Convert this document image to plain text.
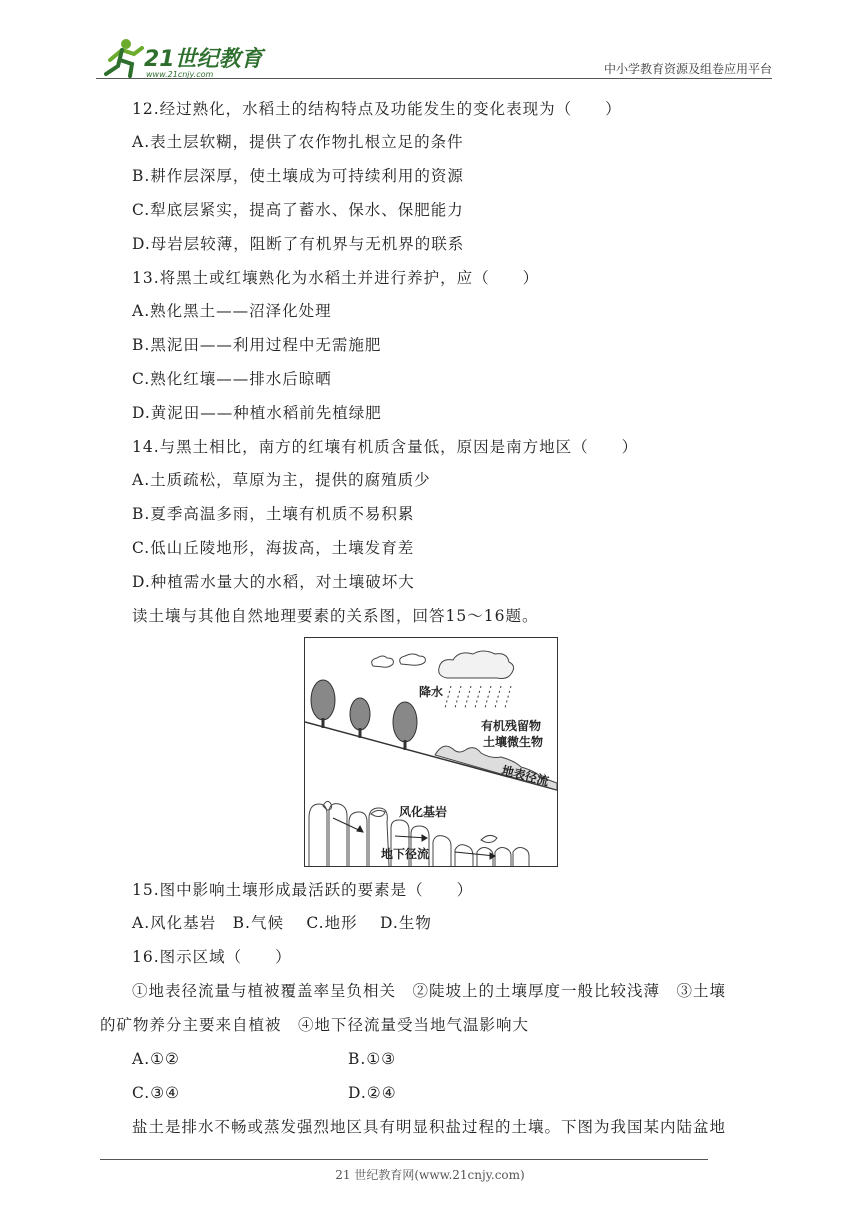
21世纪教育
www.21cnjy.com	中小学教育资源及组卷应用平台
12.经过熟化，水稻土的结构特点及功能发生的变化表现为（　　）
A.表土层软糊，提供了农作物扎根立足的条件
B.耕作层深厚，使土壤成为可持续利用的资源
C.犁底层紧实，提高了蓄水、保水、保肥能力
D.母岩层较薄，阻断了有机界与无机界的联系
13.将黑土或红壤熟化为水稻土并进行养护，应（　　）
A.熟化黑土——沼泽化处理
B.黑泥田——利用过程中无需施肥
C.熟化红壤——排水后晾晒
D.黄泥田——种植水稻前先植绿肥
14.与黑土相比，南方的红壤有机质含量低，原因是南方地区（　　）
A.土质疏松，草原为主，提供的腐殖质少
B.夏季高温多雨，土壤有机质不易积累
C.低山丘陵地形，海拔高，土壤发育差
D.种植需水量大的水稻，对土壤破坏大
读土壤与其他自然地理要素的关系图，回答15～16题。
降水
有机残留物
土壤微生物
地表径流
风化基岩
地下径流
15.图中影响土壤形成最活跃的要素是（　　）
A.风化基岩　B.气候　 C.地形　 D.生物
16.图示区域（　　）
①地表径流量与植被覆盖率呈负相关　②陡坡上的土壤厚度一般比较浅薄　③土壤
的矿物养分主要来自植被　④地下径流量受当地气温影响大
A.①②	B.①③
C.③④	D.②④
盐土是排水不畅或蒸发强烈地区具有明显积盐过程的土壤。下图为我国某内陆盆地
21 世纪教育网(www.21cnjy.com)
